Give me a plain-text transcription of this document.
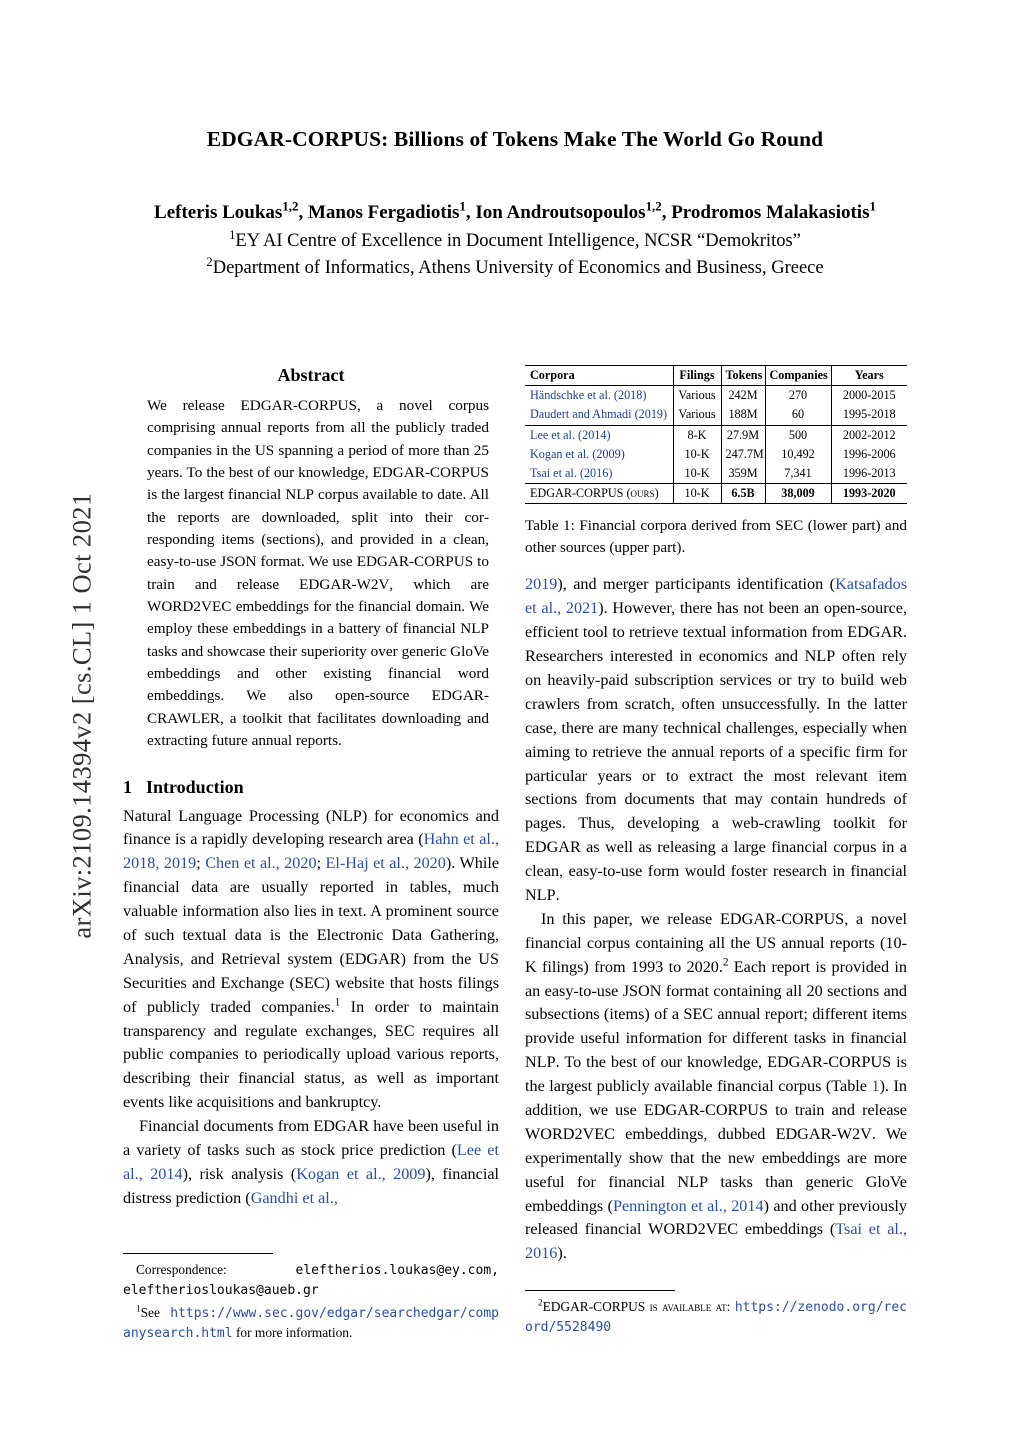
arXiv:2109.14394v2 [cs.CL] 1 Oct 2021
EDGAR-CORPUS: Billions of Tokens Make The World Go Round
Lefteris Loukas$^{1,2}$, Manos Fergadiotis$^1$, Ion Androutsopoulos$^{1,2}$, Prodromos Malakasiotis$^1$
$^1$EY AI Centre of Excellence in Document Intelligence, NCSR “Demokritos”
$^2$Department of Informatics, Athens University of Economics and Business, Greece
Abstract
We release EDGAR-CORPUS, a novel corpus comprising annual reports from all the publicly traded companies in the US spanning a period of more than 25 years. To the best of our knowledge, EDGAR-CORPUS is the largest financial NLP corpus available to date. All the reports are downloaded, split into their corresponding items (sections), and provided in a clean, easy-to-use JSON format. We use EDGAR-CORPUS to train and release EDGAR-W2V, which are WORD2VEC embeddings for the financial domain. We employ these embeddings in a battery of financial NLP tasks and showcase their superiority over generic GloVe embeddings and other existing financial word embeddings. We also open-source EDGAR-CRAWLER, a toolkit that facilitates downloading and extracting future annual reports.
1 Introduction

Natural Language Processing (NLP) for economics and finance is a rapidly developing research area (Hahn et al., 2018, 2019; Chen et al., 2020; El-Haj et al., 2020). While financial data are usually reported in tables, much valuable information also lies in text. A prominent source of such textual data is the Electronic Data Gathering, Analysis, and Retrieval system (EDGAR) from the US Securities and Exchange (SEC) website that hosts filings of publicly traded companies.$^1$ In order to maintain transparency and regulate exchanges, SEC requires all public companies to periodically upload various reports, describing their financial status, as well as important events like acquisitions and bankruptcy.

Financial documents from EDGAR have been useful in a variety of tasks such as stock price prediction (Lee et al., 2014), risk analysis (Kogan et al., 2009), financial distress prediction (Gandhi et al.,

Corpora	Filings	Tokens	Companies	Years
Händschke et al. (2018)	Various	242M	270	2000-2015
Daudert and Ahmadi (2019)	Various	188M	60	1995-2018
Lee et al. (2014)	8-K	27.9M	500	2002-2012
Kogan et al. (2009)	10-K	247.7M	10,492	1996-2006
Tsai et al. (2016)	10-K	359M	7,341	1996-2013
EDGAR-CORPUS (ours)	10-K	6.5B	38,009	1993-2020
Table 1: Financial corpora derived from SEC (lower part) and other sources (upper part).

2019), and merger participants identification (Katsafados et al., 2021). However, there has not been an open-source, efficient tool to retrieve textual information from EDGAR. Researchers interested in economics and NLP often rely on heavily-paid subscription services or try to build web crawlers from scratch, often unsuccessfully. In the latter case, there are many technical challenges, especially when aiming to retrieve the annual reports of a specific firm for particular years or to extract the most relevant item sections from documents that may contain hundreds of pages. Thus, developing a web-crawling toolkit for EDGAR as well as releasing a large financial corpus in a clean, easy-to-use form would foster research in financial NLP.

In this paper, we release EDGAR-CORPUS, a novel financial corpus containing all the US annual reports (10-K filings) from 1993 to 2020.$^2$ Each report is provided in an easy-to-use JSON format containing all 20 sections and subsections (items) of a SEC annual report; different items provide useful information for different tasks in financial NLP. To the best of our knowledge, EDGAR-CORPUS is the largest publicly available financial corpus (Table 1). In addition, we use EDGAR-CORPUS to train and release WORD2VEC embeddings, dubbed EDGAR-W2V. We experimentally show that the new embeddings are more useful for financial NLP tasks than generic GloVe embeddings (Pennington et al., 2014) and other previously released financial WORD2VEC embeddings (Tsai et al., 2016).

Correspondence:	eleftherios.loukas@ey.com, eleftheriosloukas@aueb.gr
$^1$See https://www.sec.gov/edgar/searchedgar/companysearch.html for more information.
$^2$EDGAR-CORPUS is available at: https://zenodo.org/record/5528490
